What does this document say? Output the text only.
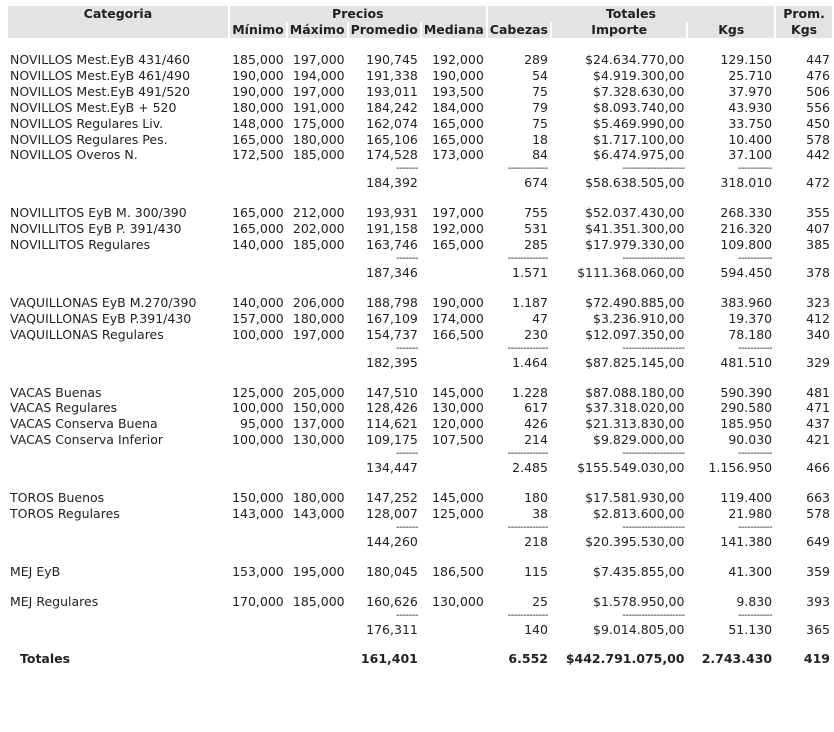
Categoria	Precios				Totales			Prom.
	Mínimo	Máximo	Promedio	Mediana	Cabezas	Importe	Kgs	Kgs

NOVILLOS Mest.EyB 431/460	185,000	197,000	190,745	192,000	289	$24.634.770,00	129.150	447
NOVILLOS Mest.EyB 461/490	190,000	194,000	191,338	190,000	54	$4.919.300,00	25.710	476
NOVILLOS Mest.EyB 491/520	190,000	197,000	193,011	193,500	75	$7.328.630,00	37.970	506
NOVILLOS Mest.EyB + 520	180,000	191,000	184,242	184,000	79	$8.093.740,00	43.930	556
NOVILLOS Regulares Liv.	148,000	175,000	162,074	165,000	75	$5.469.990,00	33.750	450
NOVILLOS Regulares Pes.	165,000	180,000	165,106	165,000	18	$1.717.100,00	10.400	578
NOVILLOS Overos N.	172,500	185,000	174,528	173,000	84	$6.474.975,00	37.100	442
			-------		-------------	--------------------	-----------	
			184,392		674	$58.638.505,00	318.010	472

NOVILLITOS EyB M. 300/390	165,000	212,000	193,931	197,000	755	$52.037.430,00	268.330	355
NOVILLITOS EyB P. 391/430	165,000	202,000	191,158	192,000	531	$41.351.300,00	216.320	407
NOVILLITOS Regulares	140,000	185,000	163,746	165,000	285	$17.979.330,00	109.800	385
			-------		-------------	--------------------	-----------	
			187,346		1.571	$111.368.060,00	594.450	378

VAQUILLONAS EyB M.270/390	140,000	206,000	188,798	190,000	1.187	$72.490.885,00	383.960	323
VAQUILLONAS EyB P.391/430	157,000	180,000	167,109	174,000	47	$3.236.910,00	19.370	412
VAQUILLONAS Regulares	100,000	197,000	154,737	166,500	230	$12.097.350,00	78.180	340
			-------		-------------	--------------------	-----------	
			182,395		1.464	$87.825.145,00	481.510	329

VACAS Buenas	125,000	205,000	147,510	145,000	1.228	$87.088.180,00	590.390	481
VACAS Regulares	100,000	150,000	128,426	130,000	617	$37.318.020,00	290.580	471
VACAS Conserva Buena	95,000	137,000	114,621	120,000	426	$21.313.830,00	185.950	437
VACAS Conserva Inferior	100,000	130,000	109,175	107,500	214	$9.829.000,00	90.030	421
			-------		-------------	--------------------	-----------	
			134,447		2.485	$155.549.030,00	1.156.950	466

TOROS Buenos	150,000	180,000	147,252	145,000	180	$17.581.930,00	119.400	663
TOROS Regulares	143,000	143,000	128,007	125,000	38	$2.813.600,00	21.980	578
			-------		-------------	--------------------	-----------	
			144,260		218	$20.395.530,00	141.380	649

MEJ EyB	153,000	195,000	180,045	186,500	115	$7.435.855,00	41.300	359

MEJ Regulares	170,000	185,000	160,626	130,000	25	$1.578.950,00	9.830	393
			-------		-------------	--------------------	-----------	
			176,311		140	$9.014.805,00	51.130	365

Totales			161,401		6.552	$442.791.075,00	2.743.430	419
